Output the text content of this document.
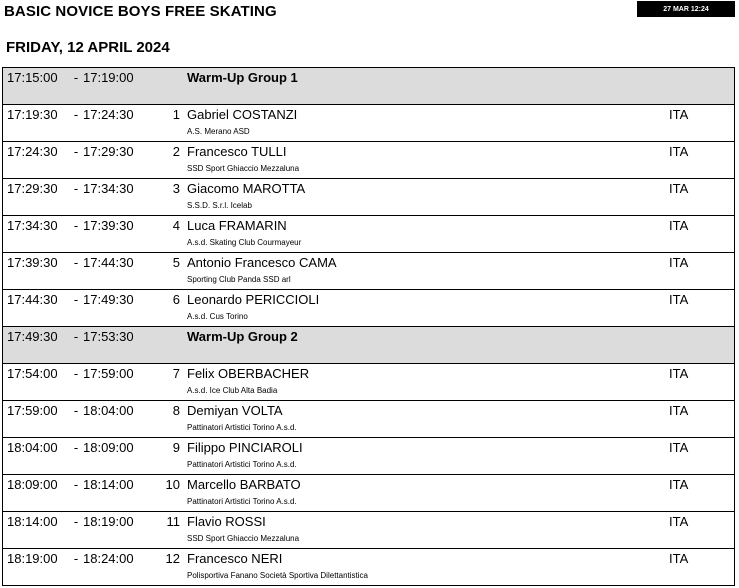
BASIC NOVICE BOYS FREE SKATING	27 MAR 12:24
FRIDAY, 12 APRIL 2024
17:15:00	-	17:19:00		Warm-Up Group 1	
17:19:30	-	17:24:30	1	Gabriel COSTANZI
A.S. Merano ASD	ITA
17:24:30	-	17:29:30	2	Francesco TULLI
SSD Sport Ghiaccio Mezzaluna	ITA
17:29:30	-	17:34:30	3	Giacomo MAROTTA
S.S.D. S.r.l. Icelab	ITA
17:34:30	-	17:39:30	4	Luca FRAMARIN
A.s.d. Skating Club Courmayeur	ITA
17:39:30	-	17:44:30	5	Antonio Francesco CAMA
Sporting Club Panda SSD arl	ITA
17:44:30	-	17:49:30	6	Leonardo PERICCIOLI
A.s.d. Cus Torino	ITA
17:49:30	-	17:53:30		Warm-Up Group 2	
17:54:00	-	17:59:00	7	Felix OBERBACHER
A.s.d. Ice Club Alta Badia	ITA
17:59:00	-	18:04:00	8	Demiyan VOLTA
Pattinatori Artistici Torino A.s.d.	ITA
18:04:00	-	18:09:00	9	Filippo PINCIAROLI
Pattinatori Artistici Torino A.s.d.	ITA
18:09:00	-	18:14:00	10	Marcello BARBATO
Pattinatori Artistici Torino A.s.d.	ITA
18:14:00	-	18:19:00	11	Flavio ROSSI
SSD Sport Ghiaccio Mezzaluna	ITA
18:19:00	-	18:24:00	12	Francesco NERI
Polisportiva Fanano Società Sportiva Dilettantistica	ITA
